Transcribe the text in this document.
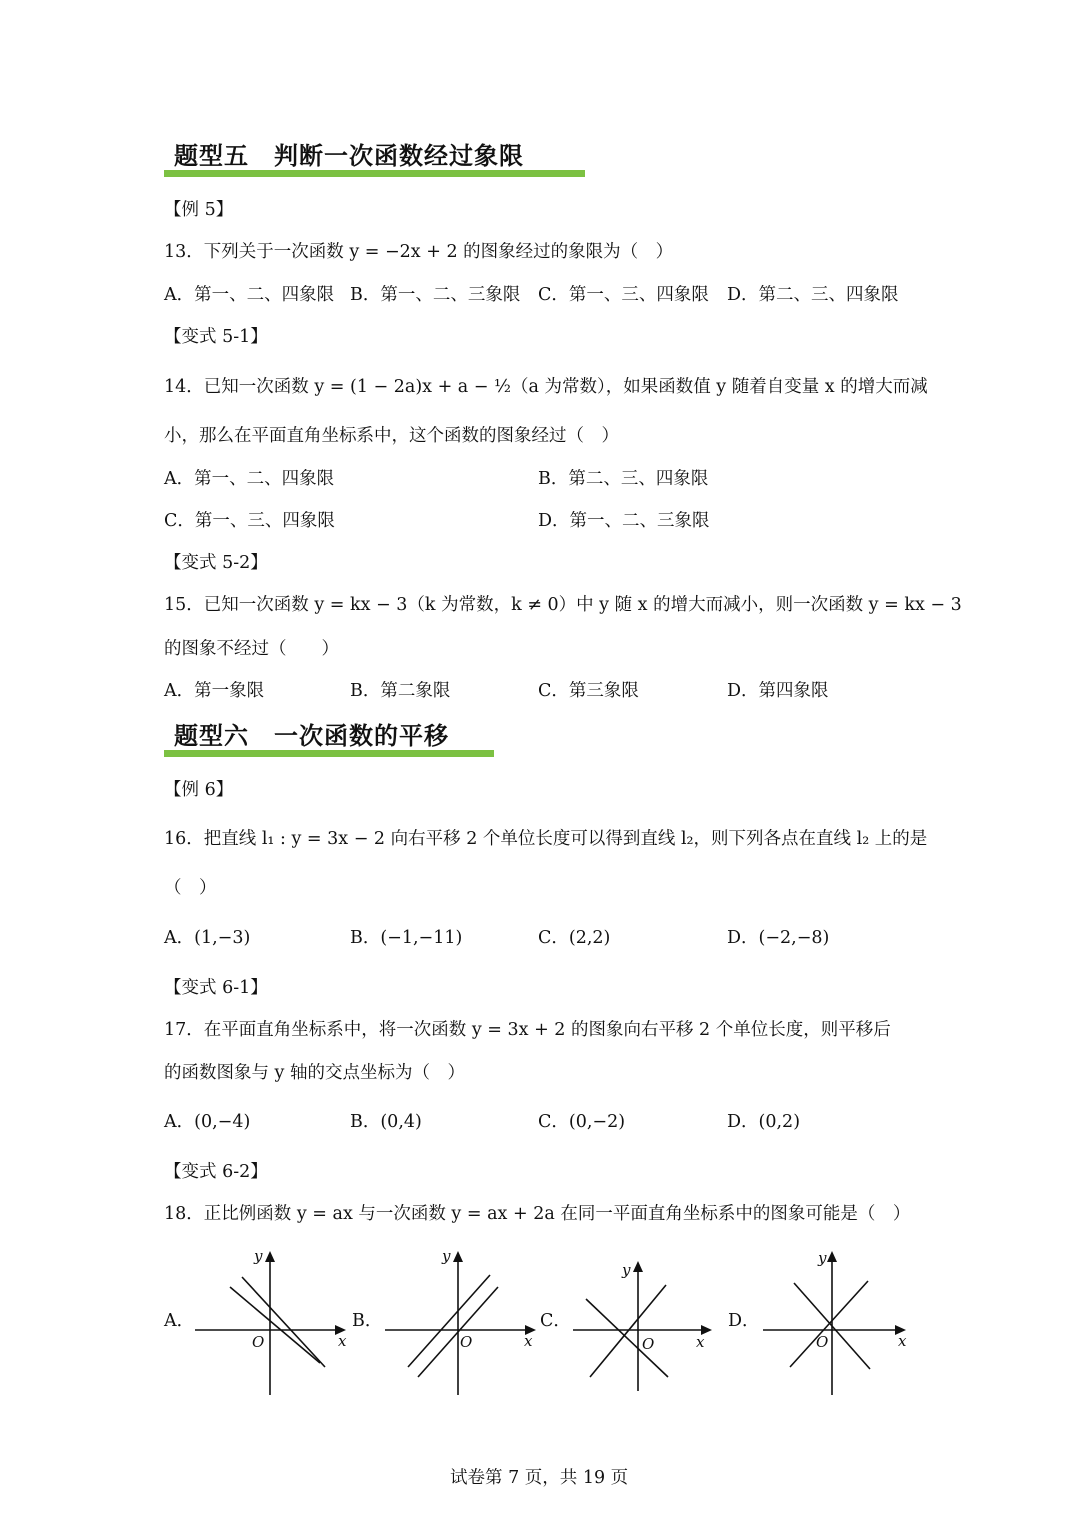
题型五　判断一次函数经过象限
【例 5】
13．下列关于一次函数 y = −2x + 2 的图象经过的象限为（　）
A．第一、二、四象限 B．第一、二、三象限 C．第一、三、四象限 D．第二、三、四象限
【变式 5-1】
14．已知一次函数 y = (1 − 2a)x + a − ½（a 为常数），如果函数值 y 随着自变量 x 的增大而减
小，那么在平面直角坐标系中，这个函数的图象经过（　）
A．第一、二、四象限	B．第二、三、四象限
C．第一、三、四象限	D．第一、二、三象限
【变式 5-2】
15．已知一次函数 y = kx − 3（k 为常数，k ≠ 0）中 y 随 x 的增大而减小，则一次函数 y = kx − 3
的图象不经过（　　）
A．第一象限	B．第二象限	C．第三象限	D．第四象限
题型六　一次函数的平移
【例 6】
16．把直线 l₁ : y = 3x − 2 向右平移 2 个单位长度可以得到直线 l₂，则下列各点在直线 l₂ 上的是
（　）
A．(1,−3)	B．(−1,−11)	C．(2,2)	D．(−2,−8)
【变式 6-1】
17．在平面直角坐标系中，将一次函数 y = 3x + 2 的图象向右平移 2 个单位长度，则平移后
的函数图象与 y 轴的交点坐标为（　）
A．(0,−4)	B．(0,4)	C．(0,−2)	D．(0,2)
【变式 6-2】
18．正比例函数 y = ax 与一次函数 y = ax + 2a 在同一平面直角坐标系中的图象可能是（　）
A．	B．	C．	D．
y
x
O
y
x
O
y
x
O
y
x
O
试卷第 7 页，共 19 页
